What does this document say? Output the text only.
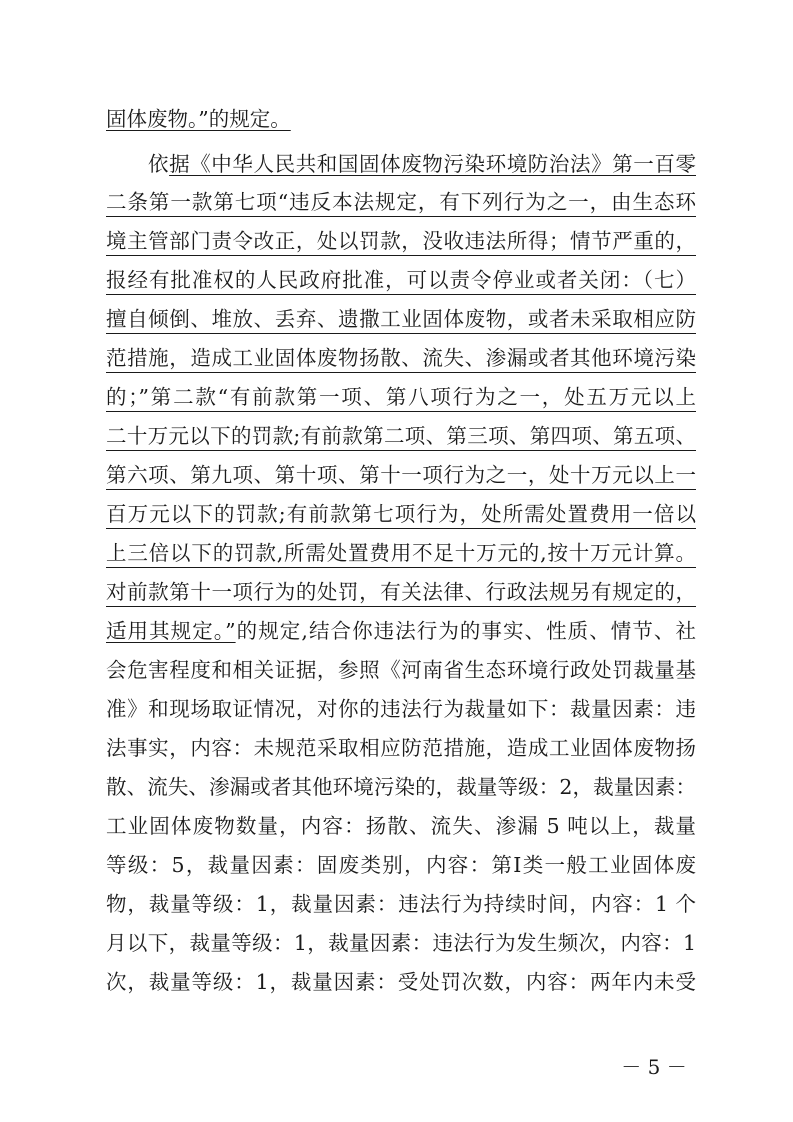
固体废物。”的规定。
依据《中华人民共和国固体废物污染环境防治法》第一百零
二条第一款第七项“违反本法规定，有下列行为之一，由生态环
境主管部门责令改正，处以罚款，没收违法所得；情节严重的，
报经有批准权的人民政府批准，可以责令停业或者关闭：（七）
擅自倾倒、堆放、丢弃、遗撒工业固体废物，或者未采取相应防
范措施，造成工业固体废物扬散、流失、渗漏或者其他环境污染
的；”第二款“有前款第一项、第八项行为之一，处五万元以上
二十万元以下的罚款;有前款第二项、第三项、第四项、第五项、
第六项、第九项、第十项、第十一项行为之一，处十万元以上一
百万元以下的罚款;有前款第七项行为，处所需处置费用一倍以
上三倍以下的罚款,所需处置费用不足十万元的,按十万元计算。
对前款第十一项行为的处罚，有关法律、行政法规另有规定的，
适用其规定。”的规定,结合你违法行为的事实、性质、情节、社
会危害程度和相关证据，参照《河南省生态环境行政处罚裁量基
准》和现场取证情况，对你的违法行为裁量如下：裁量因素：违
法事实，内容：未规范采取相应防范措施，造成工业固体废物扬
散、流失、渗漏或者其他环境污染的，裁量等级：2，裁量因素：
工业固体废物数量，内容：扬散、流失、渗漏 5 吨以上，裁量
等级：5，裁量因素：固废类别，内容：第Ⅰ类一般工业固体废
物，裁量等级：1，裁量因素：违法行为持续时间，内容：1 个
月以下，裁量等级：1，裁量因素：违法行为发生频次，内容：1
次，裁量等级：1，裁量因素：受处罚次数，内容：两年内未受
－ 5 －
